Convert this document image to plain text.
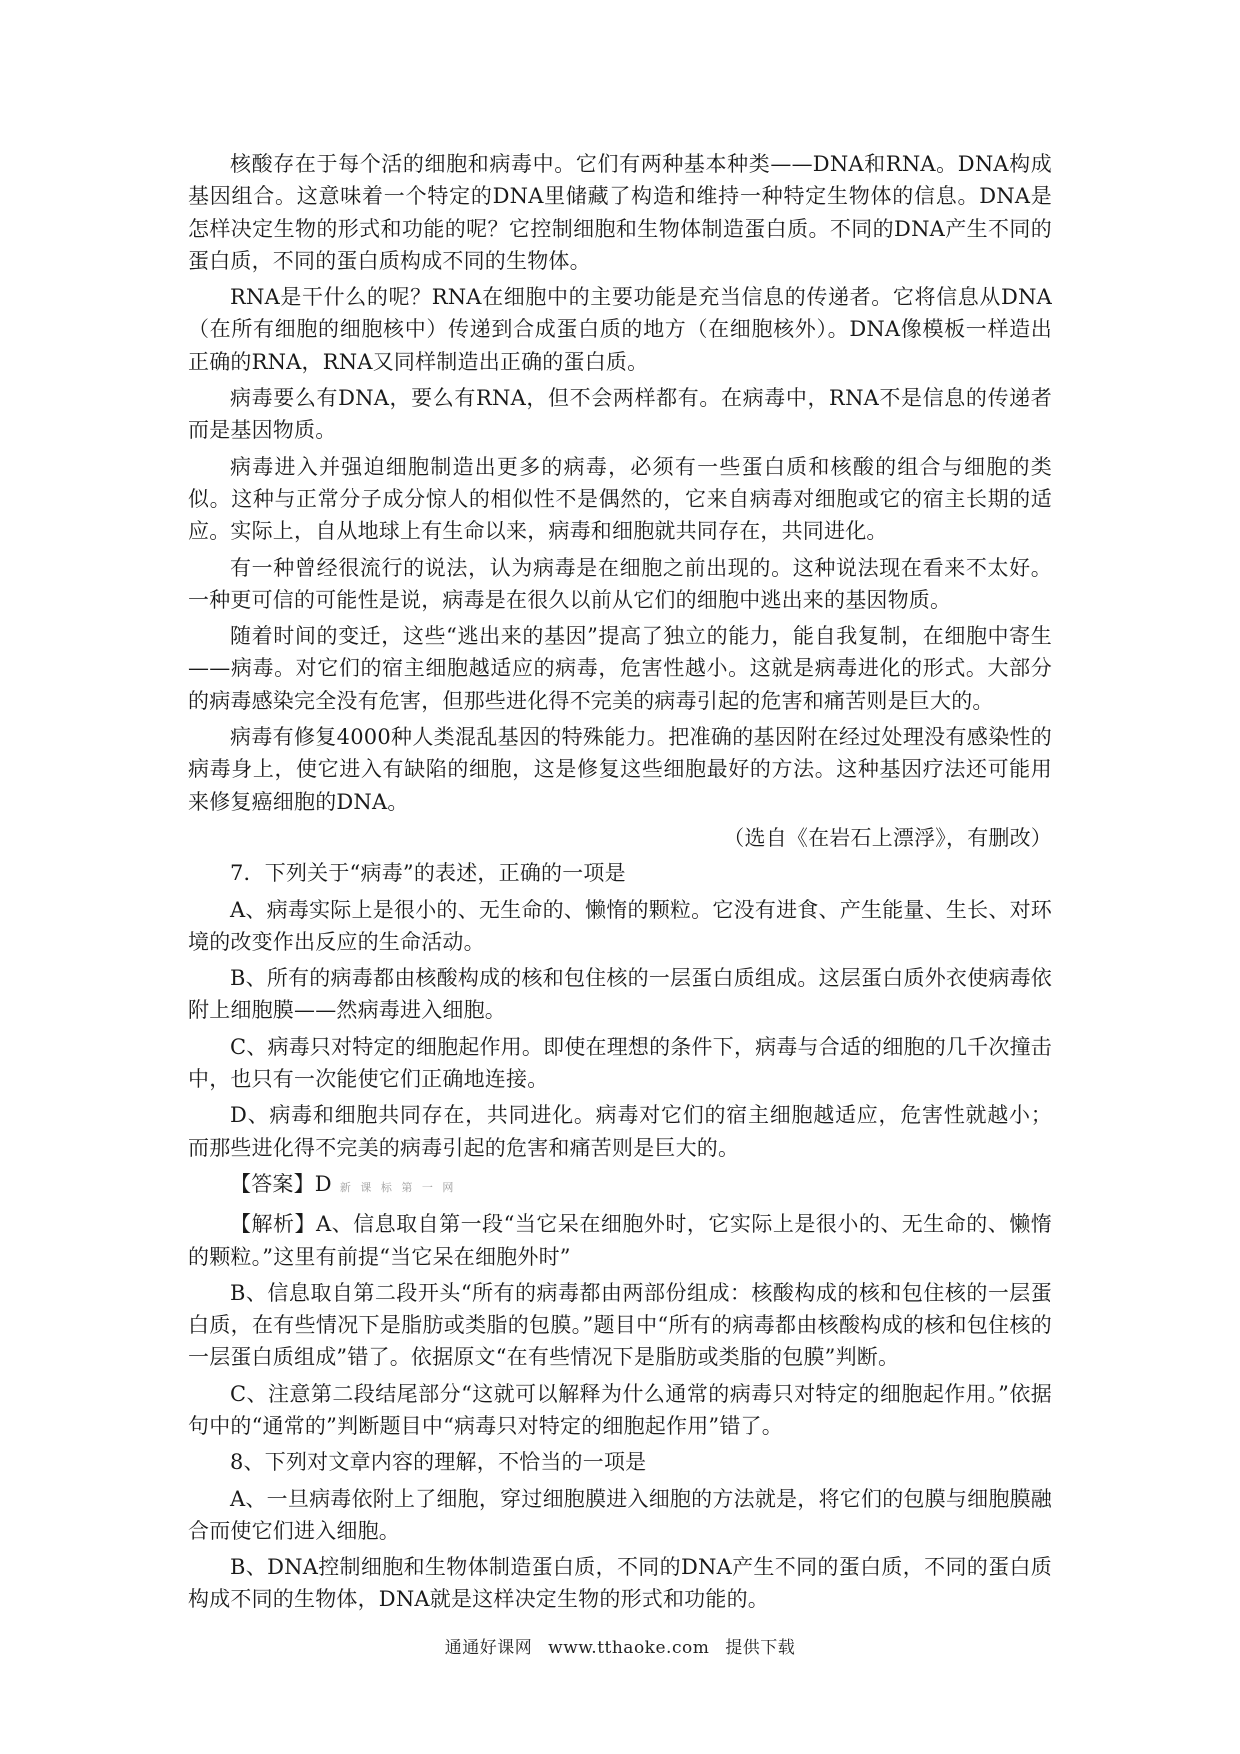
核酸存在于每个活的细胞和病毒中。它们有两种基本种类——DNA和RNA。DNA构成基因组合。这意味着一个特定的DNA里储藏了构造和维持一种特定生物体的信息。DNA是怎样决定生物的形式和功能的呢？它控制细胞和生物体制造蛋白质。不同的DNA产生不同的蛋白质，不同的蛋白质构成不同的生物体。

RNA是干什么的呢？RNA在细胞中的主要功能是充当信息的传递者。它将信息从DNA（在所有细胞的细胞核中）传递到合成蛋白质的地方（在细胞核外）。DNA像模板一样造出正确的RNA，RNA又同样制造出正确的蛋白质。

病毒要么有DNA，要么有RNA，但不会两样都有。在病毒中，RNA不是信息的传递者而是基因物质。

病毒进入并强迫细胞制造出更多的病毒，必须有一些蛋白质和核酸的组合与细胞的类似。这种与正常分子成分惊人的相似性不是偶然的，它来自病毒对细胞或它的宿主长期的适应。实际上，自从地球上有生命以来，病毒和细胞就共同存在，共同进化。

有一种曾经很流行的说法，认为病毒是在细胞之前出现的。这种说法现在看来不太好。一种更可信的可能性是说，病毒是在很久以前从它们的细胞中逃出来的基因物质。

随着时间的变迁，这些“逃出来的基因”提高了独立的能力，能自我复制，在细胞中寄生——病毒。对它们的宿主细胞越适应的病毒，危害性越小。这就是病毒进化的形式。大部分的病毒感染完全没有危害，但那些进化得不完美的病毒引起的危害和痛苦则是巨大的。

病毒有修复4000种人类混乱基因的特殊能力。把准确的基因附在经过处理没有感染性的病毒身上，使它进入有缺陷的细胞，这是修复这些细胞最好的方法。这种基因疗法还可能用来修复癌细胞的DNA。

（选自《在岩石上漂浮》，有删改）

7．下列关于“病毒”的表述，正确的一项是

A、病毒实际上是很小的、无生命的、懒惰的颗粒。它没有进食、产生能量、生长、对环境的改变作出反应的生命活动。

B、所有的病毒都由核酸构成的核和包住核的一层蛋白质组成。这层蛋白质外衣使病毒依附上细胞膜——然病毒进入细胞。

C、病毒只对特定的细胞起作用。即使在理想的条件下，病毒与合适的细胞的几千次撞击中，也只有一次能使它们正确地连接。

D、病毒和细胞共同存在，共同进化。病毒对它们的宿主细胞越适应，危害性就越小；而那些进化得不完美的病毒引起的危害和痛苦则是巨大的。

【答案】D 新 课 标 第 一 网

【解析】A、信息取自第一段“当它呆在细胞外时，它实际上是很小的、无生命的、懒惰的颗粒。”这里有前提“当它呆在细胞外时”

B、信息取自第二段开头“所有的病毒都由两部份组成：核酸构成的核和包住核的一层蛋白质，在有些情况下是脂肪或类脂的包膜。”题目中“所有的病毒都由核酸构成的核和包住核的一层蛋白质组成”错了。依据原文“在有些情况下是脂肪或类脂的包膜”判断。

C、注意第二段结尾部分“这就可以解释为什么通常的病毒只对特定的细胞起作用。”依据句中的“通常的”判断题目中“病毒只对特定的细胞起作用”错了。

8、下列对文章内容的理解，不恰当的一项是

A、一旦病毒依附上了细胞，穿过细胞膜进入细胞的方法就是，将它们的包膜与细胞膜融合而使它们进入细胞。

B、DNA控制细胞和生物体制造蛋白质，不同的DNA产生不同的蛋白质，不同的蛋白质构成不同的生物体，DNA就是这样决定生物的形式和功能的。

通通好课网 www.tthaoke.com 提供下载
